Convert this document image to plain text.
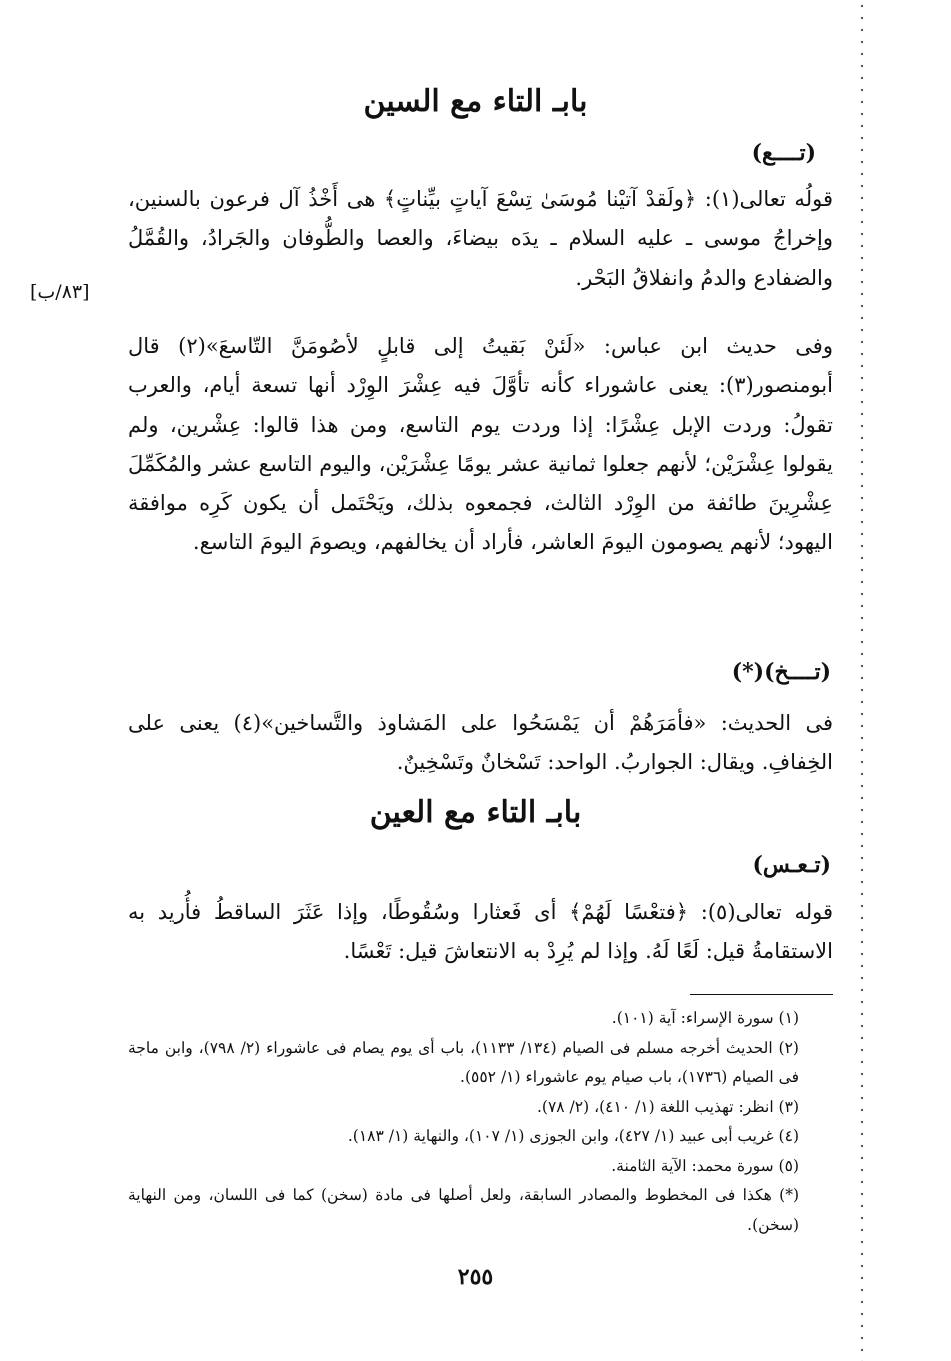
بابـ التاء مع السين
(تــــع)

قولُه تعالى(١): ﴿ولَقدْ آتيْنا مُوسَىٰ تِسْعَ آياتٍ بيِّناتٍ﴾ هى أَخْذُ آل فرعون بالسنين، وإخراجُ موسى ـ عليه السلام ـ يدَه بيضاءَ، والعصا والطُّوفان والجَرادُ، والقُمَّلُ والضفادع والدمُ وانفلاقُ البَحْر.

[٨٣/ب]

وفى حديث ابن عباس: «لَئنْ بَقيتُ إلى قابلٍ لأصُومَنَّ التّاسعَ»(٢) قال أبومنصور(٣): يعنى عاشوراء كأنه تأوَّلَ فيه عِشْرَ الوِرْد أنها تسعة أيام، والعرب تقولُ: وردت الإبل عِشْرًا: إذا وردت يوم التاسع، ومن هذا قالوا: عِشْرين، ولم يقولوا عِشْرَيْن؛ لأنهم جعلوا ثمانية عشر يومًا عِشْرَيْن، واليوم التاسع عشر والمُكَمِّلَ عِشْرِينَ طائفة من الوِرْد الثالث، فجمعوه بذلك، ويَحْتَمل أن يكون كَرِه موافقة اليهود؛ لأنهم يصومون اليومَ العاشر، فأراد أن يخالفهم، ويصومَ اليومَ التاسع.

(تــــخ)(*)

فى الحديث: «فأمَرَهُمْ أن يَمْسَحُوا على المَشاوذ والتَّساخين»(٤) يعنى على الخِفافِ. ويقال: الجواربُ. الواحد: تَسْخانٌ وتَسْخِينٌ.

بابـ التاء مع العين
(تـعـس)

قوله تعالى(٥): ﴿فتعْسًا لَهُمْ﴾ أى فَعثارا وسُقُوطًا، وإذا عَثَرَ الساقطُ فأُريد به الاستقامةُ قيل: لَعًا لَهُ. وإذا لم يُرِدْ به الانتعاشَ قيل: تَعْسًا.

(١) سورة الإسراء: آية (١٠١).

(٢) الحديث أخرجه مسلم فى الصيام (١٣٤/ ١١٣٣)، باب أى يوم يصام فى عاشوراء (٢/ ٧٩٨)، وابن ماجة فى الصيام (١٧٣٦)، باب صيام يوم عاشوراء (١/ ٥٥٢).

(٣) انظر: تهذيب اللغة (١/ ٤١٠)، (٢/ ٧٨).

(٤) غريب أبى عبيد (١/ ٤٢٧)، وابن الجوزى (١/ ١٠٧)، والنهاية (١/ ١٨٣).

(٥) سورة محمد: الآية الثامنة.

(*) هكذا فى المخطوط والمصادر السابقة، ولعل أصلها فى مادة (سخن) كما فى اللسان، ومن النهاية (سخن).

٢٥٥
